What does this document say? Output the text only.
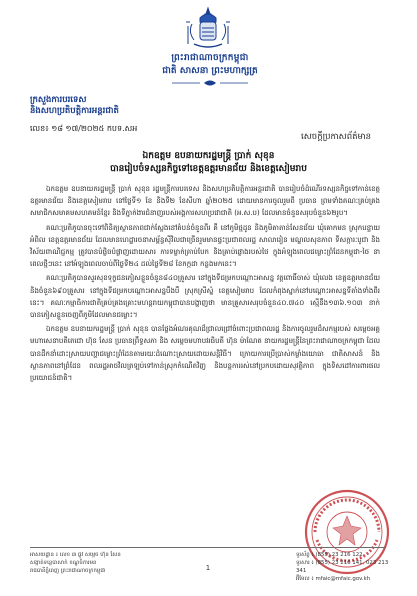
ព្រះរាជាណាចក្រកម្ពុជា
ជាតិ សាសនា ព្រះមហាក្សត្រ
ក្រសួងការបរទេស
និងសហប្រតិបត្តិការអន្តរជាតិ
លេខ៖ ១៨ ១៧/២០២៥ កបទ.សអ
សេចក្តីប្រកាសព័ត៌មាន
ឯកឧត្តម ឧបនាយករដ្ឋមន្ត្រី ប្រាក់ សុខុន
បានរៀបចំទស្សនកិច្ចទៅខេត្តឧត្តរមានជ័យ និងខេត្តសៀមរាប

ឯកឧត្តម ឧបនាយករដ្ឋមន្ត្រី ប្រាក់ សុខុន រដ្ឋមន្ត្រីការបរទេស និងសហប្រតិបត្តិការអន្តរជាតិ បានរៀបចំដំណើរទស្សនកិច្ចទៅកាន់ខេត្តឧត្តរមានជ័យ និងខេត្តសៀមរាប នៅថ្ងៃទី១ ខែ និងទី២ ខែសីហា ឆ្នាំ២០២៥ ដោយមានការចូលរួមពី ប្រធាន ព្រមទាំងគណៈគ្រប់គ្រងសមាជិកសមាគមសហគមន៍ខ្មែរ និងទីភ្នាក់ងារជំនាញរបស់អង្គការសហប្រជាជាតិ (អ.ស.ប) ដែលមានចំនួនសរុបចំនួន៦២រូប។

គណៈប្រតិភូបានចុះទៅពិនិត្យស្ថានភាពជាក់ស្តែងនៅតំបន់ចំនួនពីរ គឺ នៅភូមិថ្មដូន និងភូមិតាតាន់សែនជ័យ ឃុំគោកមន ស្រុកបន្ទាយអំពិល ខេត្តឧត្តរមានជ័យ ដែលមានហេដ្ឋារចនាសម្ព័ន្ធស៊ីវិលជាច្រើនរួមមានផ្ទះប្រជាពលរដ្ឋ សាលារៀន មណ្ឌលសុខភាព ទីសក្ការៈបូជា និងវិស័យពាណិជ្ជកម្ម ត្រូវបានបំផ្លិចបំផ្លាញដោយសារ ការទម្លាក់គ្រាប់បែក និងគ្រាប់ផ្លោងរបស់ថៃ ក្នុងអំឡុងពេលជម្លោះព្រំដែនកម្ពុជា-ថៃ នាពេលថ្មីៗនេះ នៅអំឡុងពេលចាប់ពីថ្ងៃទី២៤ ដល់ថ្ងៃទី២៨ ខែកក្កដា កន្លងមកនេះ។

គណៈប្រតិភូបានសួរសុខទុក្ខជនភៀសខ្លួនចំនួន៨៤០គ្រួសារ នៅក្នុងទីជម្រកបណ្តោះអាសន្ន វត្តពោធិ៍ចាស់ ឃុំលេង ខេត្តឧត្តរមានជ័យ និងចំនួន៦៩០គ្រួសារ នៅក្នុងទីជម្រកបណ្តោះអាសន្នបឹងបឹ ស្រុកស្រីស្នំ ខេត្តសៀមរាប ដែលកំពុងស្នាក់នៅបណ្តោះអាសន្នទីតាំងទាំងពីរនេះ។ គណៈកម្មាធិការជាតិគ្រប់គ្រងគ្រោះមហន្តរាយកម្ពុជាបានបង្ហាញថា មានគ្រួសារសរុបចំនួន៤០.៧៤០ ស្មើនឹង១៣៦.១០៣ នាក់ បានភៀសខ្លួនចេញពីភូមិដែលមានជម្លោះ។

ឯកឧត្តម ឧបនាយករដ្ឋមន្ត្រី ប្រាក់ សុខុន បានថ្លែងអំណរគុណដ៏ជ្រាលជ្រៅចំពោះប្រជាពលរដ្ឋ និងការចូលរួមដ៏សកម្មរបស់ សម្តេចអគ្គមហាសេនាបតីតេជោ ហ៊ុន សែន ប្រធានព្រឹទ្ធសភា និង សម្តេចមហាបវរធិបតី ហ៊ុន ម៉ាណែត នាយករដ្ឋមន្ត្រីនៃព្រះរាជាណាចក្រកម្ពុជា ដែលបានដឹកនាំដោះស្រាយបញ្ហាជម្លោះព្រំដែនតាមរយៈដំណោះស្រាយដោយសន្តិវិធី។ ក្រោយការប្រើប្រាស់កម្លាំងយោធា ជាតិសាសន៍ និងស្ថានភាពនៅព្រំដែន ពលរដ្ឋអាចវិលត្រឡប់ទៅកាន់ស្រុកកំណើតវិញ និងបន្តការរស់នៅប្រកបដោយសុវត្ថិភាព ក្នុងទិសដៅការពារផលប្រយោជន៍ជាតិ។

អាសយដ្ឋាន ៖ លេខ ៣ ផ្លូវ សម្តេច ហ៊ុន សែន
សង្កាត់ទន្លេបាសាក់ ខណ្ឌចំការមន
រាជធានីភ្នំពេញ ព្រះរាជាណាចក្រកម្ពុជា	1
ទូរស័ព្ទ ៖ (855) 23 216 122
ទូរសារ ៖ (855) 23 216 141, 023 213 341
អ៊ីមែល ៖ mfaic@mfaic.gov.kh
